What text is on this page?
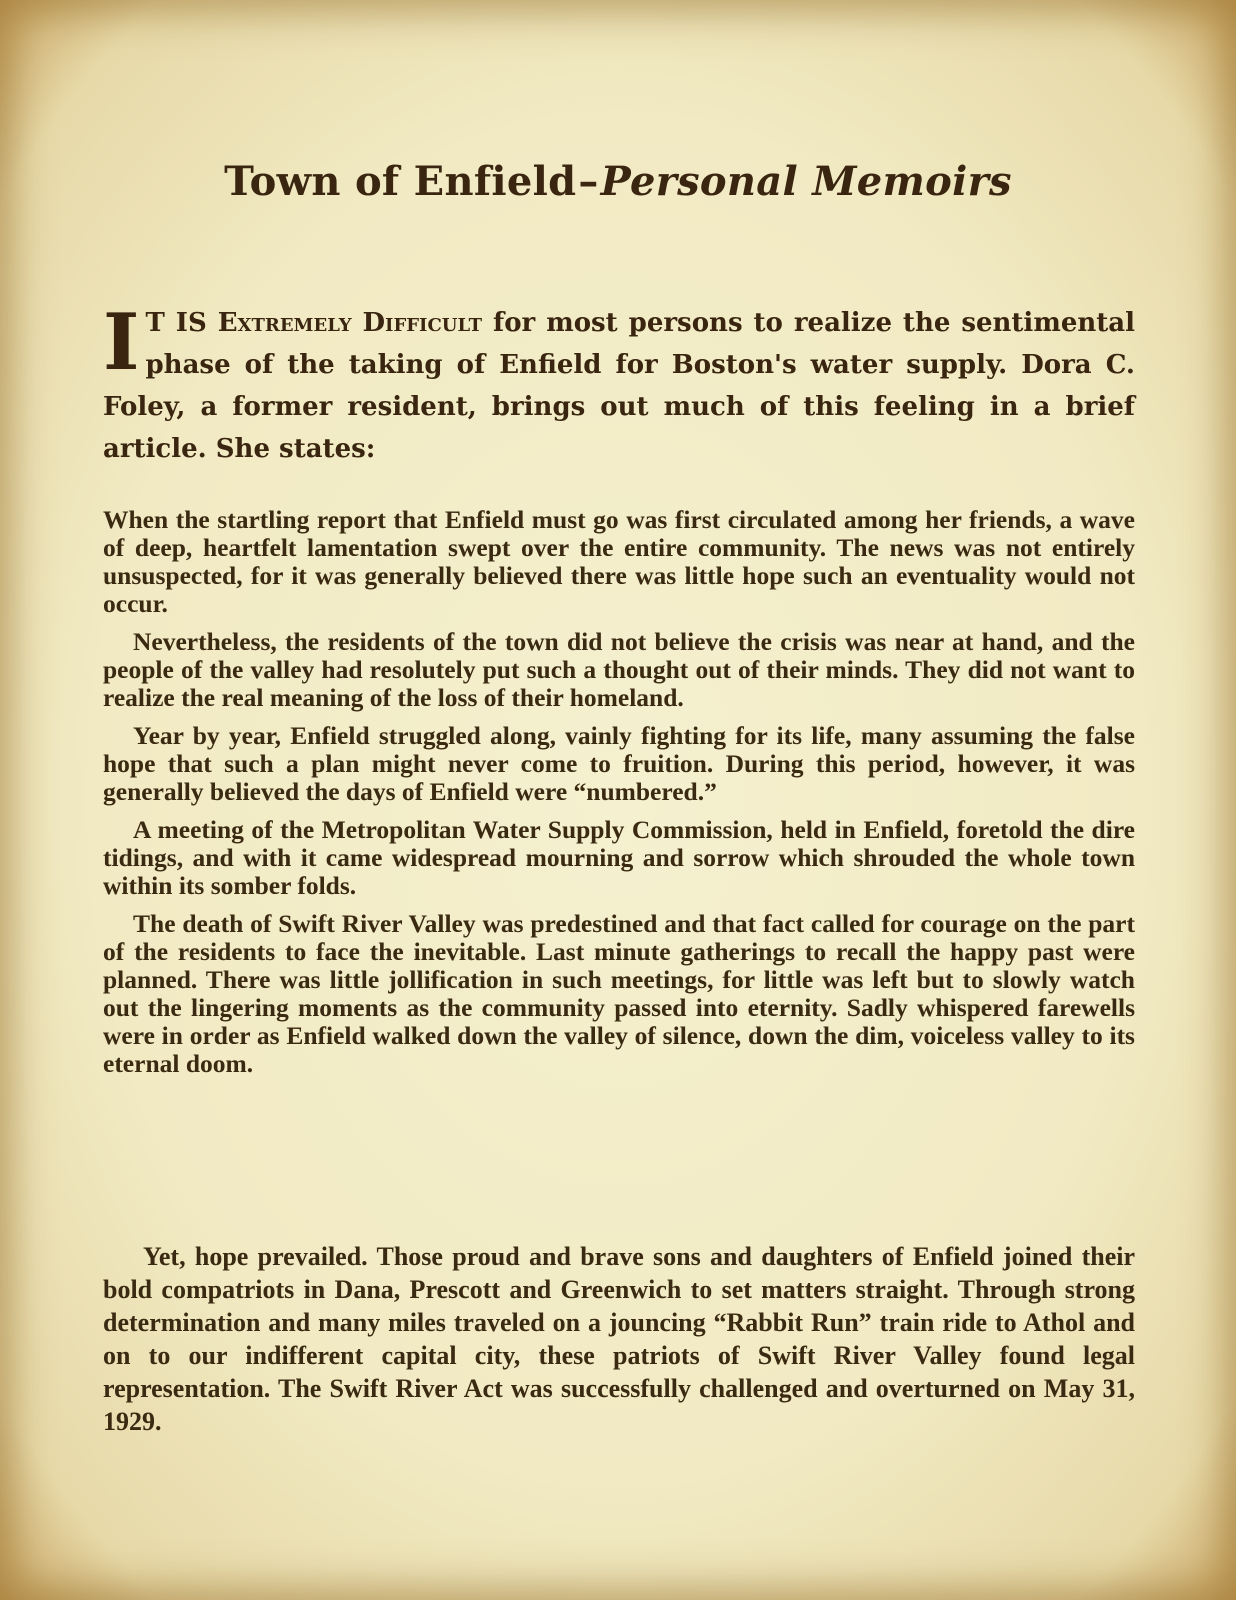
Town of Enfield–Personal Memoirs

I T IS Extremely Difficult for most persons to realize the sentimental phase of the taking of Enfield for Boston's water supply. Dora C. Foley, a former resident, brings out much of this feeling in a brief article. She states:

When the startling report that Enfield must go was first circulated among her friends, a wave of deep, heartfelt lamentation swept over the entire community. The news was not entirely unsuspected, for it was generally believed there was little hope such an eventuality would not occur.

Nevertheless, the residents of the town did not believe the crisis was near at hand, and the people of the valley had resolutely put such a thought out of their minds. They did not want to realize the real meaning of the loss of their homeland.

Year by year, Enfield struggled along, vainly fighting for its life, many assuming the false hope that such a plan might never come to fruition. During this period, however, it was generally believed the days of Enfield were “numbered.”

A meeting of the Metropolitan Water Supply Commission, held in Enfield, foretold the dire tidings, and with it came widespread mourning and sorrow which shrouded the whole town within its somber folds.

The death of Swift River Valley was predestined and that fact called for courage on the part of the residents to face the inevitable. Last minute gatherings to recall the happy past were planned. There was little jollification in such meetings, for little was left but to slowly watch out the lingering moments as the community passed into eternity. Sadly whispered farewells were in order as Enfield walked down the valley of silence, down the dim, voiceless valley to its eternal doom.

Yet, hope prevailed. Those proud and brave sons and daughters of Enfield joined their bold compatriots in Dana, Prescott and Greenwich to set matters straight. Through strong determination and many miles traveled on a jouncing “Rabbit Run” train ride to Athol and on to our indifferent capital city, these patriots of Swift River Valley found legal representation. The Swift River Act was successfully challenged and overturned on May 31, 1929.
